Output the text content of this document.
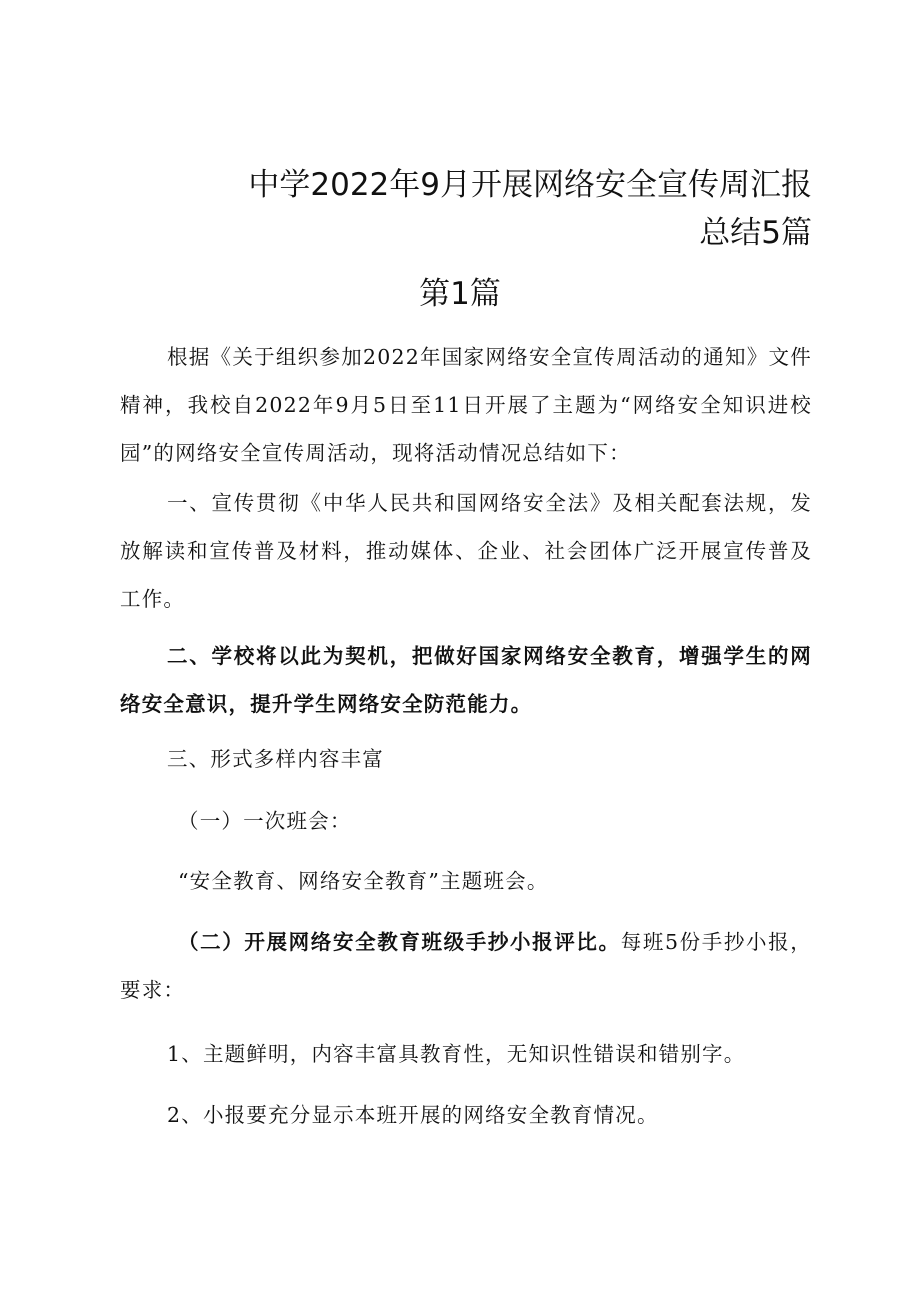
中学2022年9月开展网络安全宣传周汇报
总结5篇
第1篇

根据《关于组织参加2022年国家网络安全宣传周活动的通知》文件精神，我校自2022年9月5日至11日开展了主题为“网络安全知识进校园”的网络安全宣传周活动，现将活动情况总结如下：

一、宣传贯彻《中华人民共和国网络安全法》及相关配套法规，发放解读和宣传普及材料，推动媒体、企业、社会团体广泛开展宣传普及工作。

二、学校将以此为契机，把做好国家网络安全教育，增强学生的网络安全意识，提升学生网络安全防范能力。

三、形式多样内容丰富

（一）一次班会：

“安全教育、网络安全教育”主题班会。

（二）开展网络安全教育班级手抄小报评比。每班5份手抄小报，要求：

1、主题鲜明，内容丰富具教育性，无知识性错误和错别字。

2、小报要充分显示本班开展的网络安全教育情况。
